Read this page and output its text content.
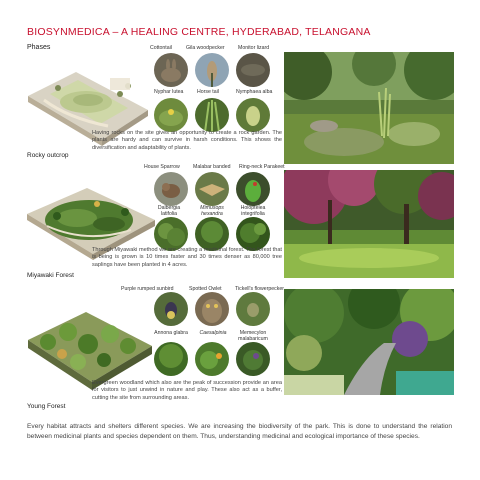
BIOSYNMEDICA – A HEALING CENTRE, HYDERABAD, TELANGANA
Phases
Rocky outcrop
Cottontail	Gila woodpecker	Monitor lizard
Nyphar lutea	Horse tail	Nymphaea alba
Having rocks on the site gives an opportunity to create a rock garden. The plants are hardy and can survive in harsh conditions. This shows the diversification and adaptability of plants.
Miyawaki Forest
House Sparrow	Malabar banded Ring-neck Parakeet
Dalbergia latifolia
Mimusops hexandra
Holoptelea integrifolia
Through Miyawaki method we are creating a medicinal forest. The forest that is being is grown is 10 times faster and 30 times denser as 80,000 tree saplings have been planted in 4 acres.
Young Forest
Purple rumped sunbird	Spotted Owlet	Tickell's flowerpecker
Annona glabra	Caesalpinia	Memecylon malabaricum
Evergreen woodland which also are the peak of succession provide an area for visitors to just unwind in nature and play. These also act as a buffer, cutting the site from surrounding areas.
Every habitat attracts and shelters different species. We are increasing the biodiversity of the park. This is done to understand the relation between medicinal plants and species dependent on them. Thus, understanding medicinal and ecological importance of these species.
